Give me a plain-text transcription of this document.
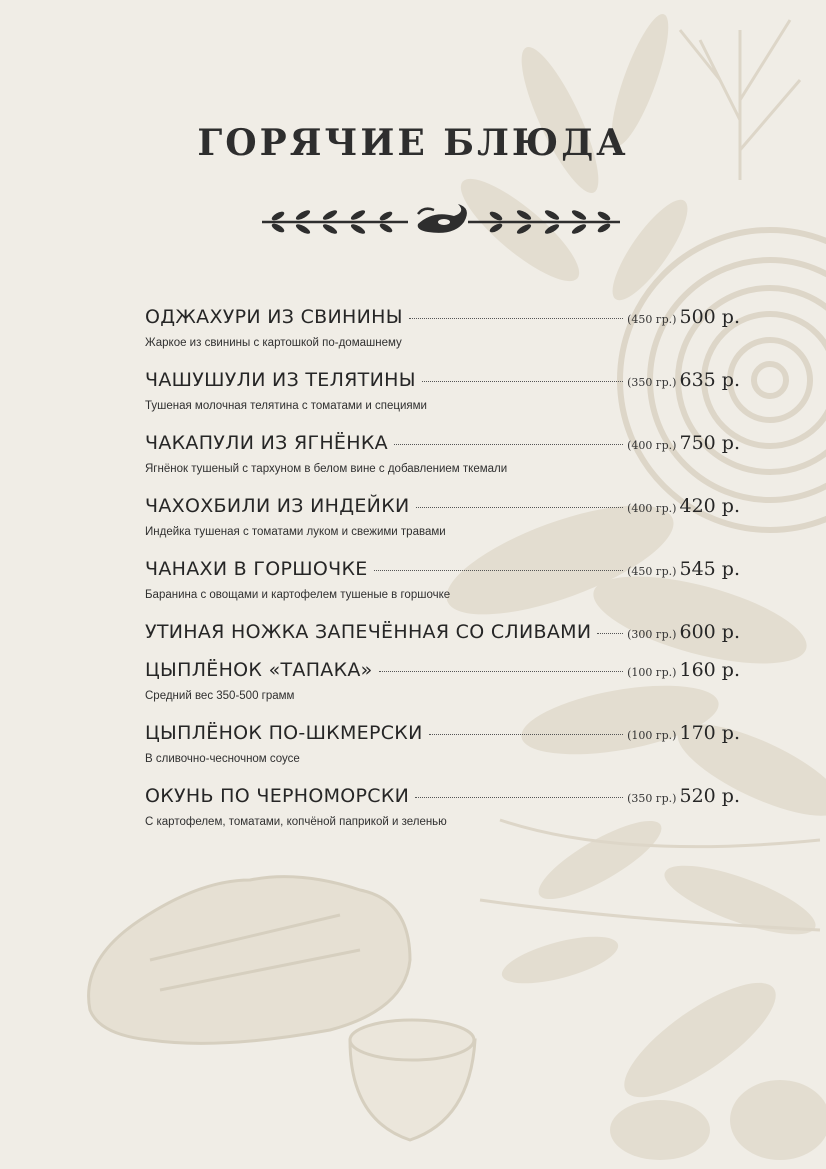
ГОРЯЧИЕ БЛЮДА
ОДЖАХУРИ ИЗ СВИНИНЫ	(450 гр.) 500 р.
Жаркое из свинины с картошкой по-домашнему
ЧАШУШУЛИ ИЗ ТЕЛЯТИНЫ	(350 гр.) 635 р.
Тушеная молочная телятина с томатами и специями
ЧАКАПУЛИ ИЗ ЯГНЁНКА	(400 гр.) 750 р.
Ягнёнок тушеный с тархуном в белом вине с добавлением ткемали
ЧАХОХБИЛИ ИЗ ИНДЕЙКИ	(400 гр.) 420 р.
Индейка тушеная с томатами луком и свежими травами
ЧАНАХИ В ГОРШОЧКЕ	(450 гр.) 545 р.
Баранина с овощами и картофелем тушеные в горшочке
УТИНАЯ НОЖКА ЗАПЕЧЁННАЯ СО СЛИВАМИ	(300 гр.) 600 р.
ЦЫПЛЁНОК «ТАПАКА»	(100 гр.) 160 р.
Средний вес 350-500 грамм
ЦЫПЛЁНОК ПО-ШКМЕРСКИ	(100 гр.) 170 р.
В сливочно-чесночном соусе
ОКУНЬ ПО ЧЕРНОМОРСКИ	(350 гр.) 520 р.
С картофелем, томатами, копчёной паприкой и зеленью
